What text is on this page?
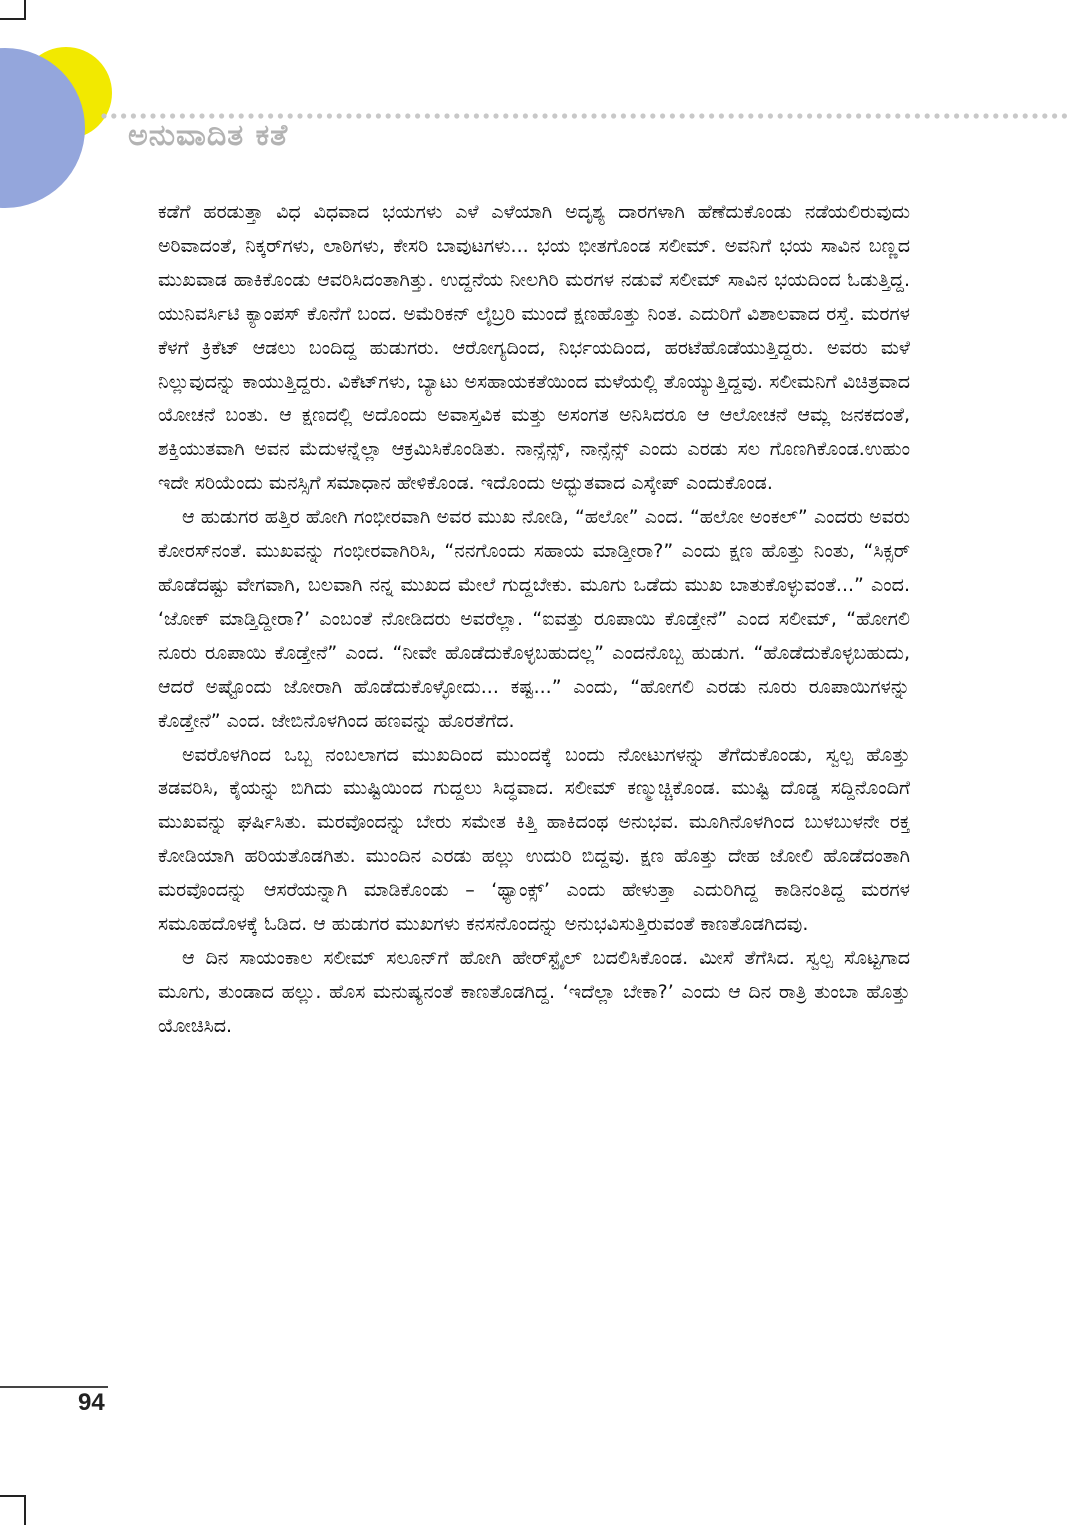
ಅನುವಾದಿತ ಕತೆ

ಕಡೆಗೆ ಹರಡುತ್ತಾ ವಿಧ ವಿಧವಾದ ಭಯಗಳು ಎಳೆ ಎಳೆಯಾಗಿ ಅದೃಶ್ಯ ದಾರಗಳಾಗಿ ಹೆಣೆದುಕೊಂಡು ನಡೆಯಲಿರುವುದು ಅರಿವಾದಂತೆ, ನಿಕ್ಕರ್‌ಗಳು, ಲಾಠಿಗಳು, ಕೇಸರಿ ಬಾವುಟಗಳು... ಭಯ ಭೀತಗೊಂಡ ಸಲೀಮ್. ಅವನಿಗೆ ಭಯ ಸಾವಿನ ಬಣ್ಣದ ಮುಖವಾಡ ಹಾಕಿಕೊಂಡು ಆವರಿಸಿದಂತಾಗಿತ್ತು. ಉದ್ದನೆಯ ನೀಲಗಿರಿ ಮರಗಳ ನಡುವೆ ಸಲೀಮ್ ಸಾವಿನ ಭಯದಿಂದ ಓಡುತ್ತಿದ್ದ. ಯುನಿವರ್ಸಿಟಿ ಕ್ಯಾಂಪಸ್ ಕೊನೆಗೆ ಬಂದ. ಅಮೆರಿಕನ್ ಲೈಬ್ರರಿ ಮುಂದೆ ಕ್ಷಣಹೊತ್ತು ನಿಂತ. ಎದುರಿಗೆ ವಿಶಾಲವಾದ ರಸ್ತೆ. ಮರಗಳ ಕೆಳಗೆ ಕ್ರಿಕೆಟ್ ಆಡಲು ಬಂದಿದ್ದ ಹುಡುಗರು. ಆರೋಗ್ಯದಿಂದ, ನಿರ್ಭಯದಿಂದ, ಹರಟೆಹೊಡೆಯುತ್ತಿದ್ದರು. ಅವರು ಮಳೆ ನಿಲ್ಲುವುದನ್ನು ಕಾಯುತ್ತಿದ್ದರು. ವಿಕೆಟ್‌ಗಳು, ಬ್ಯಾಟು ಅಸಹಾಯಕತೆಯಿಂದ ಮಳೆಯಲ್ಲಿ ತೊಯ್ಯುತ್ತಿದ್ದವು. ಸಲೀಮನಿಗೆ ವಿಚಿತ್ರವಾದ ಯೋಚನೆ ಬಂತು. ಆ ಕ್ಷಣದಲ್ಲಿ ಅದೊಂದು ಅವಾಸ್ತವಿಕ ಮತ್ತು ಅಸಂಗತ ಅನಿಸಿದರೂ ಆ ಆಲೋಚನೆ ಆಮ್ಲ ಜನಕದಂತೆ, ಶಕ್ತಿಯುತವಾಗಿ ಅವನ ಮೆದುಳನ್ನೆಲ್ಲಾ ಆಕ್ರಮಿಸಿಕೊಂಡಿತು. ನಾನ್ಸೆನ್ಸ್, ನಾನ್ಸೆನ್ಸ್ ಎಂದು ಎರಡು ಸಲ ಗೊಣಗಿಕೊಂಡ.ಉಹುಂ ಇದೇ ಸರಿಯೆಂದು ಮನಸ್ಸಿಗೆ ಸಮಾಧಾನ ಹೇಳಿಕೊಂಡ. ಇದೊಂದು ಅದ್ಭುತವಾದ ಎಸ್ಕೇಪ್ ಎಂದುಕೊಂಡ.

ಆ ಹುಡುಗರ ಹತ್ತಿರ ಹೋಗಿ ಗಂಭೀರವಾಗಿ ಅವರ ಮುಖ ನೋಡಿ, “ಹಲೋ” ಎಂದ. “ಹಲೋ ಅಂಕಲ್” ಎಂದರು ಅವರು ಕೋರಸ್‌ನಂತೆ. ಮುಖವನ್ನು ಗಂಭೀರವಾಗಿರಿಸಿ, “ನನಗೊಂದು ಸಹಾಯ ಮಾಡ್ತೀರಾ?” ಎಂದು ಕ್ಷಣ ಹೊತ್ತು ನಿಂತು, “ಸಿಕ್ಸರ್ ಹೊಡೆದಷ್ಟು ವೇಗವಾಗಿ, ಬಲವಾಗಿ ನನ್ನ ಮುಖದ ಮೇಲೆ ಗುದ್ದಬೇಕು. ಮೂಗು ಒಡೆದು ಮುಖ ಬಾತುಕೊಳ್ಳುವಂತೆ...” ಎಂದ. ‘ಜೋಕ್ ಮಾಡ್ತಿದ್ದೀರಾ?’ ಎಂಬಂತೆ ನೋಡಿದರು ಅವರೆಲ್ಲಾ. “ಐವತ್ತು ರೂಪಾಯಿ ಕೊಡ್ತೇನೆ” ಎಂದ ಸಲೀಮ್, “ಹೋಗಲಿ ನೂರು ರೂಪಾಯಿ ಕೊಡ್ತೇನೆ” ಎಂದ. “ನೀವೇ ಹೊಡೆದುಕೊಳ್ಳಬಹುದಲ್ಲ” ಎಂದನೊಬ್ಬ ಹುಡುಗ. “ಹೊಡೆದುಕೊಳ್ಳಬಹುದು, ಆದರೆ ಅಷ್ಟೊಂದು ಜೋರಾಗಿ ಹೊಡೆದುಕೊಳ್ಳೋದು... ಕಷ್ಟ...” ಎಂದು, “ಹೋಗಲಿ ಎರಡು ನೂರು ರೂಪಾಯಿಗಳನ್ನು ಕೊಡ್ತೇನೆ” ಎಂದ. ಜೇಬಿನೊಳಗಿಂದ ಹಣವನ್ನು ಹೊರತೆಗೆದ.

ಅವರೊಳಗಿಂದ ಒಬ್ಬ ನಂಬಲಾಗದ ಮುಖದಿಂದ ಮುಂದಕ್ಕೆ ಬಂದು ನೋಟುಗಳನ್ನು ತೆಗೆದುಕೊಂಡು, ಸ್ವಲ್ಪ ಹೊತ್ತು ತಡವರಿಸಿ, ಕೈಯನ್ನು ಬಿಗಿದು ಮುಷ್ಟಿಯಿಂದ ಗುದ್ದಲು ಸಿದ್ಧವಾದ. ಸಲೀಮ್ ಕಣ್ಮುಚ್ಚಿಕೊಂಡ. ಮುಷ್ಟಿ ದೊಡ್ಡ ಸದ್ದಿನೊಂದಿಗೆ ಮುಖವನ್ನು ಘರ್ಷಿಸಿತು. ಮರವೊಂದನ್ನು ಬೇರು ಸಮೇತ ಕಿತ್ತಿ ಹಾಕಿದಂಥ ಅನುಭವ. ಮೂಗಿನೊಳಗಿಂದ ಬುಳಬುಳನೇ ರಕ್ತ ಕೋಡಿಯಾಗಿ ಹರಿಯತೊಡಗಿತು. ಮುಂದಿನ ಎರಡು ಹಲ್ಲು ಉದುರಿ ಬಿದ್ದವು. ಕ್ಷಣ ಹೊತ್ತು ದೇಹ ಜೋಲಿ ಹೊಡೆದಂತಾಗಿ ಮರವೊಂದನ್ನು ಆಸರೆಯನ್ನಾಗಿ ಮಾಡಿಕೊಂಡು – ‘ಥ್ಯಾಂಕ್ಸ್’ ಎಂದು ಹೇಳುತ್ತಾ ಎದುರಿಗಿದ್ದ ಕಾಡಿನಂತಿದ್ದ ಮರಗಳ ಸಮೂಹದೊಳಕ್ಕೆ ಓಡಿದ. ಆ ಹುಡುಗರ ಮುಖಗಳು ಕನಸನೊಂದನ್ನು ಅನುಭವಿಸುತ್ತಿರುವಂತೆ ಕಾಣತೊಡಗಿದವು.

ಆ ದಿನ ಸಾಯಂಕಾಲ ಸಲೀಮ್ ಸಲೂನ್‌ಗೆ ಹೋಗಿ ಹೇರ್‌ಸ್ಟೈಲ್ ಬದಲಿಸಿಕೊಂಡ. ಮೀಸೆ ತೆಗೆಸಿದ. ಸ್ವಲ್ಪ ಸೊಟ್ಟಗಾದ ಮೂಗು, ತುಂಡಾದ ಹಲ್ಲು. ಹೊಸ ಮನುಷ್ಯನಂತೆ ಕಾಣತೊಡಗಿದ್ದ. ‘ಇದೆಲ್ಲಾ ಬೇಕಾ?’ ಎಂದು ಆ ದಿನ ರಾತ್ರಿ ತುಂಬಾ ಹೊತ್ತು ಯೋಚಿಸಿದ.

94
